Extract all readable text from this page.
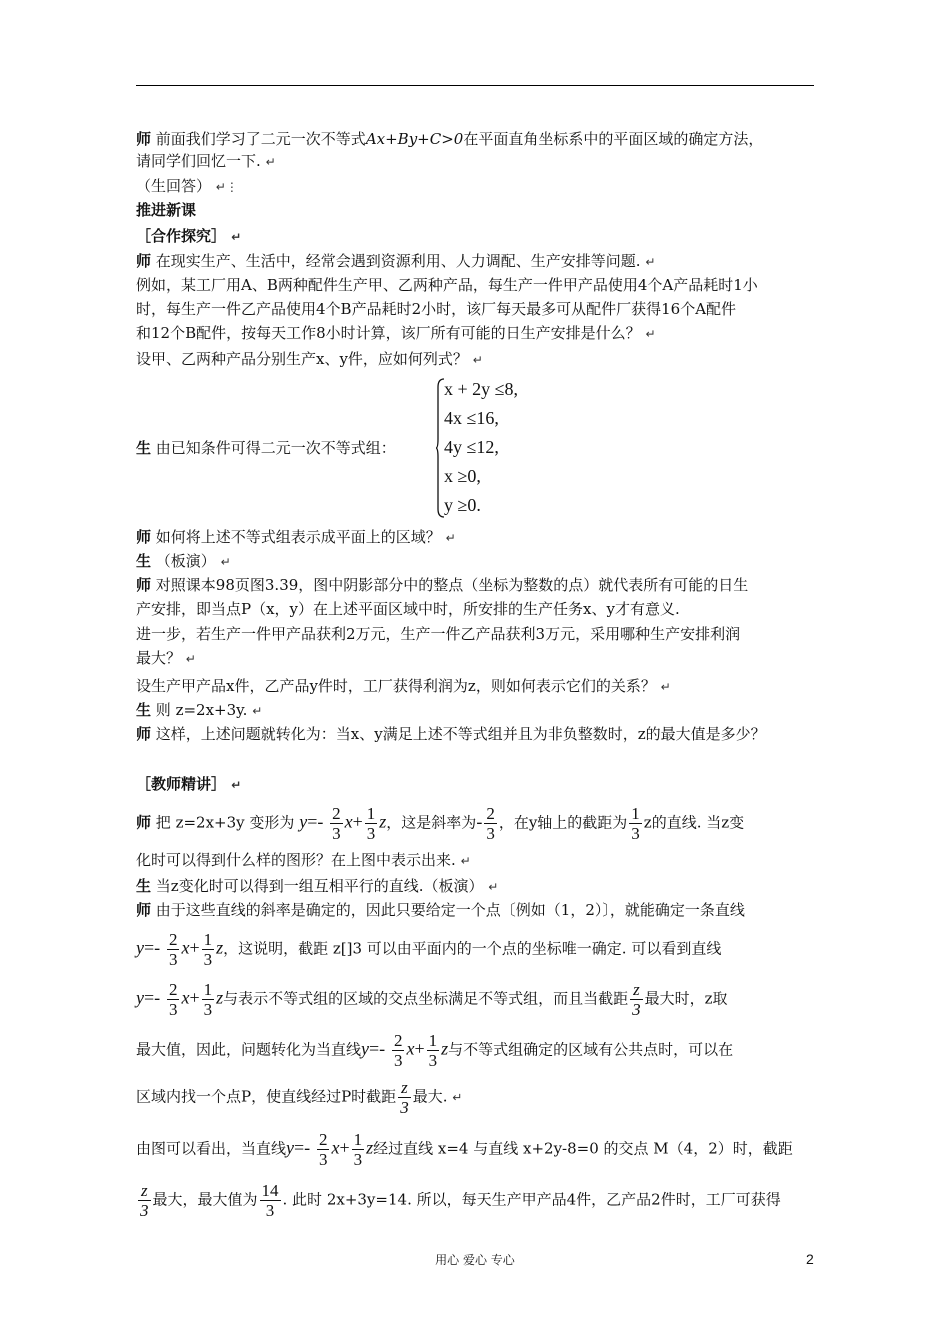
师 前面我们学习了二元一次不等式Ax+By+C>0在平面直角坐标系中的平面区域的确定方法，
请同学们回忆一下. ↵
（生回答） ↵⋮
推进新课
［合作探究］ ↵
师 在现实生产、生活中，经常会遇到资源利用、人力调配、生产安排等问题. ↵
例如，某工厂用A、B两种配件生产甲、乙两种产品，每生产一件甲产品使用4个A产品耗时1小
时，每生产一件乙产品使用4个B产品耗时2小时，该厂每天最多可从配件厂获得16个A配件
和12个B配件，按每天工作8小时计算，该厂所有可能的日生产安排是什么？ ↵
设甲、乙两种产品分别生产x、y件，应如何列式？ ↵
生 由已知条件可得二元一次不等式组：
x + 2y ≤8,
4x ≤16,
4y ≤12,
x ≥0,
y ≥0.
师 如何将上述不等式组表示成平面上的区域？ ↵
生 （板演） ↵
师 对照课本98页图3.39，图中阴影部分中的整点（坐标为整数的点）就代表所有可能的日生
产安排，即当点P（x，y）在上述平面区域中时，所安排的生产任务x、y才有意义.
进一步，若生产一件甲产品获利2万元，生产一件乙产品获利3万元，采用哪种生产安排利润
最大？ ↵
设生产甲产品x件，乙产品y件时，工厂获得利润为z，则如何表示它们的关系？ ↵
生 则 z=2x+3y. ↵
师 这样，上述问题就转化为：当x、y满足上述不等式组并且为非负整数时，z的最大值是多少？
［教师精讲］ ↵
师 把 z=2x+3y 变形为 $y=- \frac{2}{3} x+ \frac{1}{3}$ z，这是斜率为- $\frac{2}{3}$ ，在y轴上的截距为 $\frac{1}{3}$ z的直线. 当z变
化时可以得到什么样的图形？在上图中表示出来. ↵
生 当z变化时可以得到一组互相平行的直线.（板演） ↵
师 由于这些直线的斜率是确定的，因此只要给定一个点〔例如（1，2）〕，就能确定一条直线
$y=- \frac{2}{3} x+ \frac{1}{3}$ z，这说明，截距 z[]3 可以由平面内的一个点的坐标唯一确定. 可以看到直线
$y=- \frac{2}{3} x+ \frac{1}{3}$ z与表示不等式组的区域的交点坐标满足不等式组，而且当截距 $\frac{z}{3}$ 最大时，z取
最大值，因此，问题转化为当直线$y=- \frac{2}{3} x+ \frac{1}{3}$ z与不等式组确定的区域有公共点时，可以在
区域内找一个点P，使直线经过P时截距 $\frac{z}{3}$ 最大. ↵
由图可以看出，当直线$y=- \frac{2}{3} x+ \frac{1}{3}$ z经过直线 x=4 与直线 x+2y-8=0 的交点 M（4，2）时，截距
$\frac{z}{3}$ 最大，最大值为 $\frac{14}{3}$ . 此时 2x+3y=14. 所以，每天生产甲产品4件，乙产品2件时，工厂可获得
用心 爱心 专心	2
